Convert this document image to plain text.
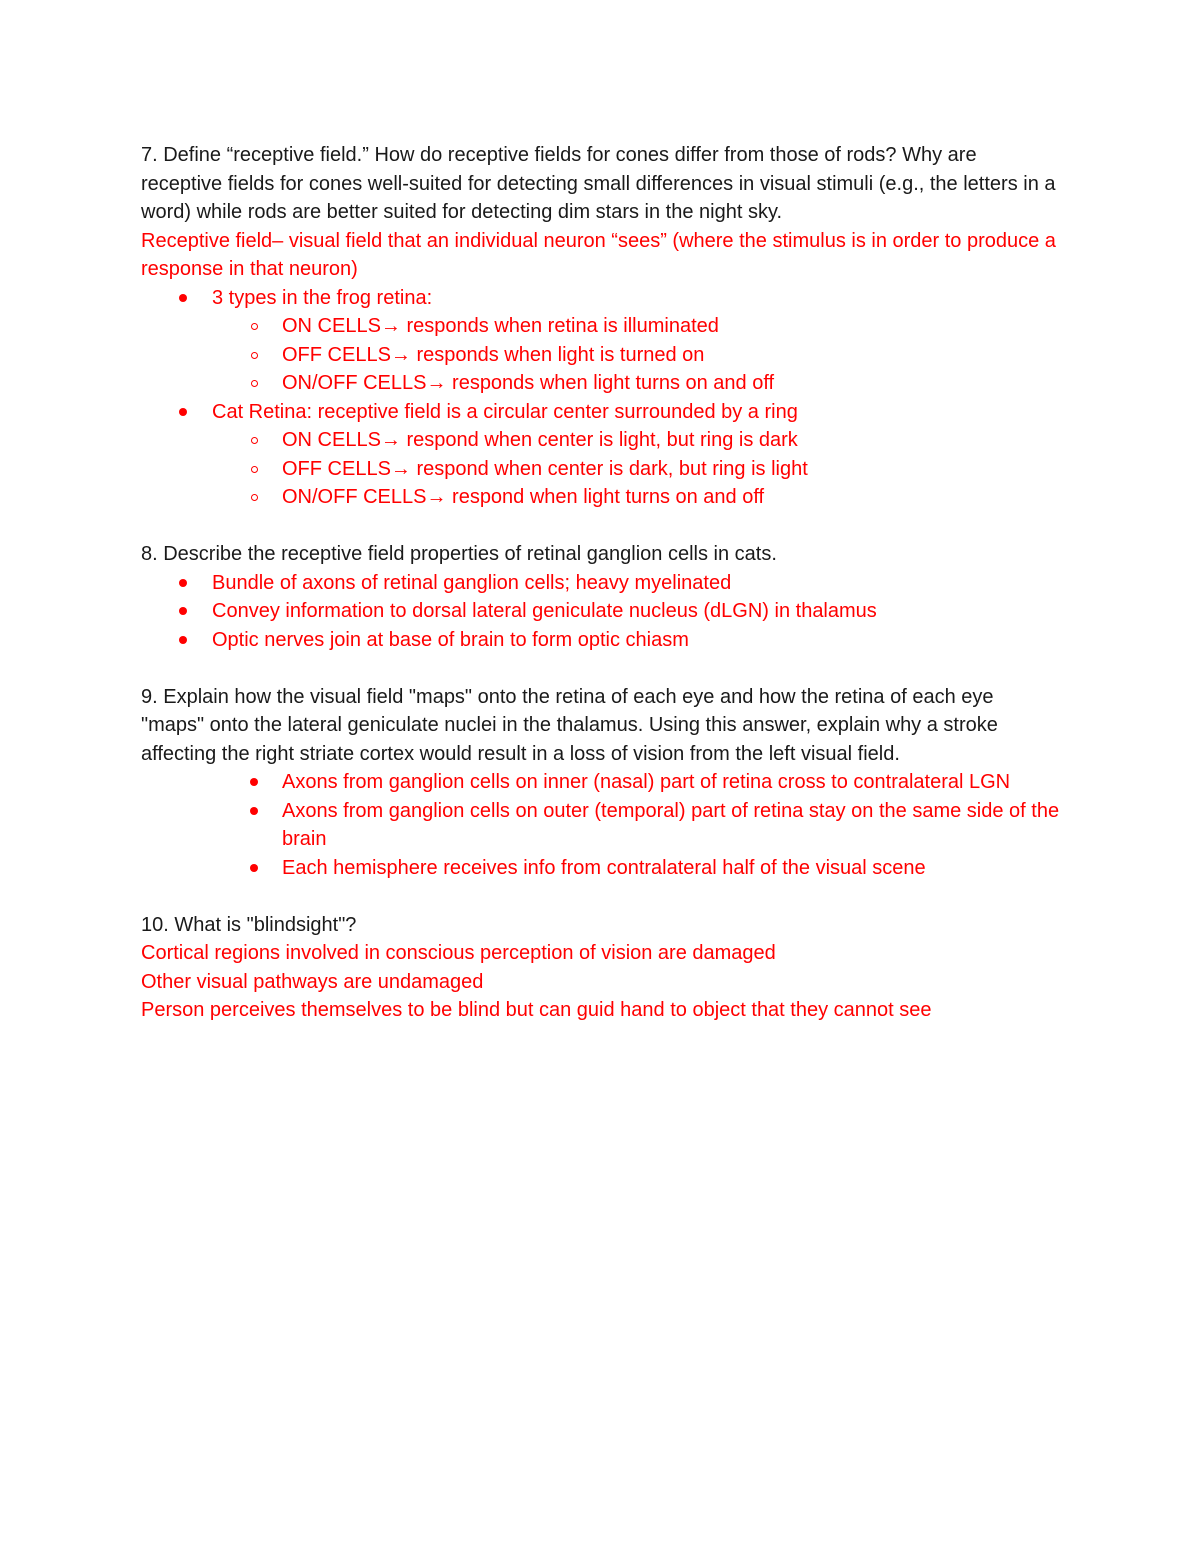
7. Define “receptive field.” How do receptive fields for cones differ from those of rods? Why are receptive fields for cones well-suited for detecting small differences in visual stimuli (e.g., the letters in a word) while rods are better suited for detecting dim stars in the night sky.

Receptive field– visual field that an individual neuron “sees” (where the stimulus is in order to produce a response in that neuron)

3 types in the frog retina:
ON CELLS→ responds when retina is illuminated
OFF CELLS→ responds when light is turned on
ON/OFF CELLS→ responds when light turns on and off
Cat Retina: receptive field is a circular center surrounded by a ring
ON CELLS→ respond when center is light, but ring is dark
OFF CELLS→ respond when center is dark, but ring is light
ON/OFF CELLS→ respond when light turns on and off

8. Describe the receptive field properties of retinal ganglion cells in cats.

Bundle of axons of retinal ganglion cells; heavy myelinated
Convey information to dorsal lateral geniculate nucleus (dLGN) in thalamus
Optic nerves join at base of brain to form optic chiasm

9. Explain how the visual field "maps" onto the retina of each eye and how the retina of each eye "maps" onto the lateral geniculate nuclei in the thalamus. Using this answer, explain why a stroke affecting the right striate cortex would result in a loss of vision from the left visual field.

Axons from ganglion cells on inner (nasal) part of retina cross to contralateral LGN
Axons from ganglion cells on outer (temporal) part of retina stay on the same side of the brain
Each hemisphere receives info from contralateral half of the visual scene

10. What is "blindsight"?

Cortical regions involved in conscious perception of vision are damaged

Other visual pathways are undamaged

Person perceives themselves to be blind but can guid hand to object that they cannot see
